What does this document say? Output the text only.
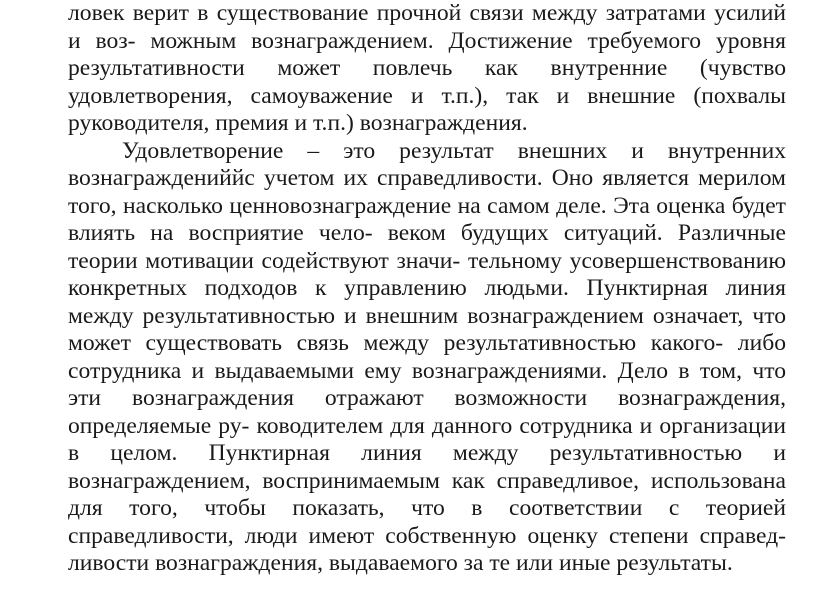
ловек верит в существование прочной связи между затратами усилий
и воз- можным вознаграждением. Достижение требуемого уровня
результативности может повлечь как внутренние (чувство
удовлетворения, самоуважение и т.п.), так и внешние (похвалы
руководителя, премия и т.п.) вознаграждения.
Удовлетворение – это результат внешних и внутренних
вознаграждениййс учетом их справедливости. Оно является мерилом
того, насколько ценновознаграждение на самом деле. Эта оценка будет
влиять на восприятие чело- веком будущих ситуаций. Различные
теории мотивации содействуют значи- тельному усовершенствованию
конкретных подходов к управлению людьми. Пунктирная линия
между результативностью и внешним вознаграждением означает, что
может существовать связь между результативностью какого- либо
сотрудника и выдаваемыми ему вознаграждениями. Дело в том, что
эти вознаграждения отражают возможности вознаграждения,
определяемые ру- ководителем для данного сотрудника и организации
в целом. Пунктирная линия между результативностью и
вознаграждением, воспринимаемым как справедливое, использована
для того, чтобы показать, что в соответствии с теорией
справедливости, люди имеют собственную оценку степени справед-
ливости вознаграждения, выдаваемого за те или иные результаты.
